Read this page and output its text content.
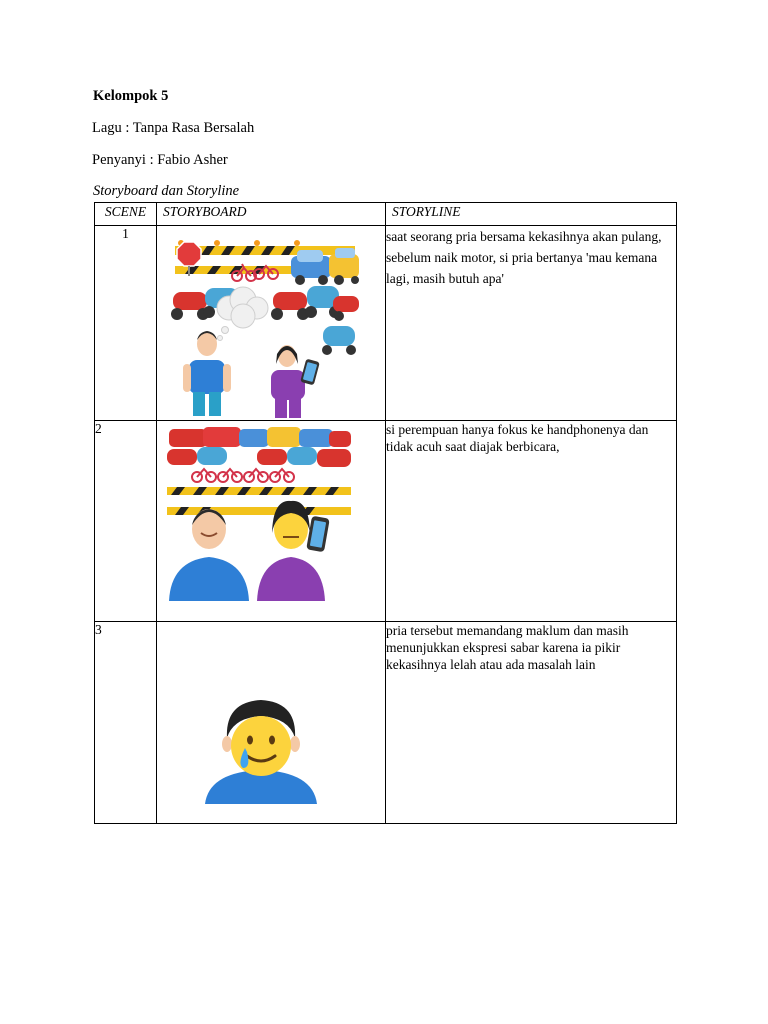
Kelompok 5
Lagu : Tanpa Rasa Bersalah
Penyanyi : Fabio Asher
Storyboard dan Storyline
SCENE	STORYBOARD	STORYLINE
1		saat seorang pria bersama kekasihnya akan pulang, sebelum naik motor, si pria bertanya 'mau kemana lagi, masih butuh apa'
2		si perempuan hanya fokus ke handphonenya dan tidak acuh saat diajak berbicara,
3		pria tersebut memandang maklum dan masih menunjukkan ekspresi sabar karena ia pikir kekasihnya lelah atau ada masalah lain
